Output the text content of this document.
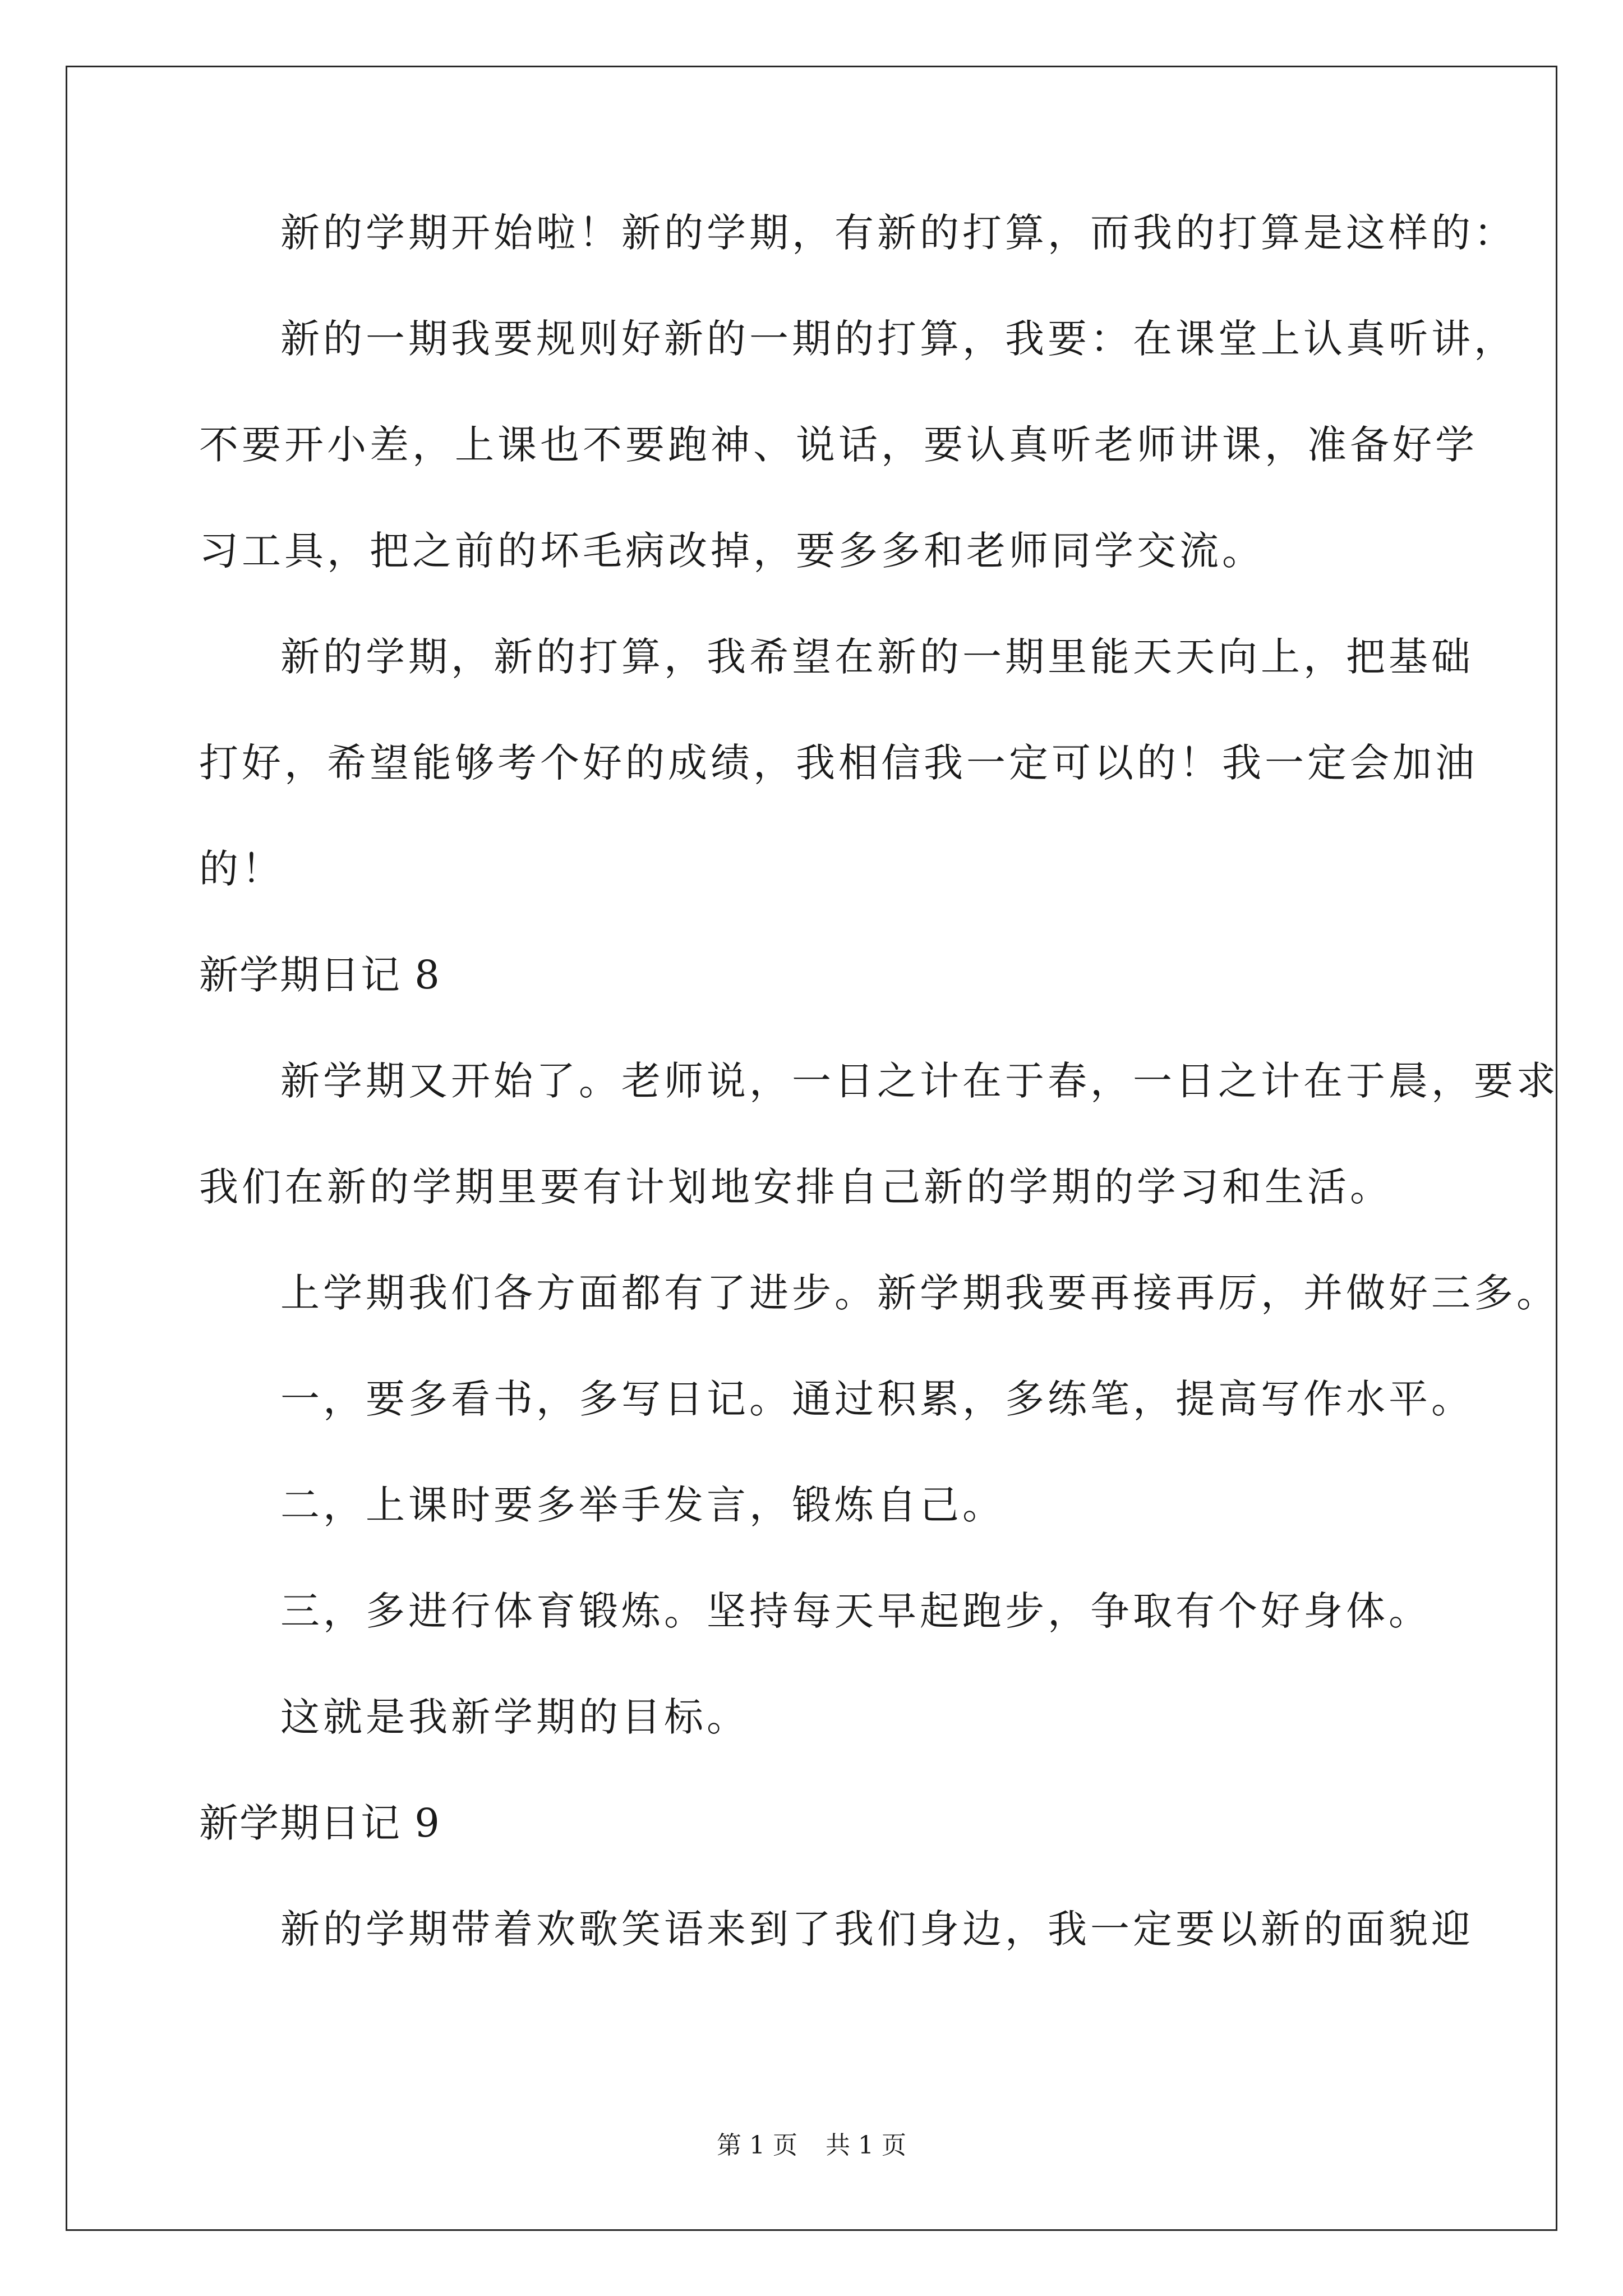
新的学期开始啦！新的学期，有新的打算，而我的打算是这样的：

新的一期我要规则好新的一期的打算，我要：在课堂上认真听讲，

不要开小差，上课也不要跑神、说话，要认真听老师讲课，准备好学

习工具，把之前的坏毛病改掉，要多多和老师同学交流。

新的学期，新的打算，我希望在新的一期里能天天向上，把基础

打好，希望能够考个好的成绩，我相信我一定可以的！我一定会加油

的！

新学期日记 8

新学期又开始了。老师说，一日之计在于春，一日之计在于晨，要求

我们在新的学期里要有计划地安排自己新的学期的学习和生活。

上学期我们各方面都有了进步。新学期我要再接再厉，并做好三多。

一，要多看书，多写日记。通过积累，多练笔，提高写作水平。

二，上课时要多举手发言，锻炼自己。

三，多进行体育锻炼。坚持每天早起跑步，争取有个好身体。

这就是我新学期的目标。

新学期日记 9

新的学期带着欢歌笑语来到了我们身边，我一定要以新的面貌迎

第 1 页 共 1 页
